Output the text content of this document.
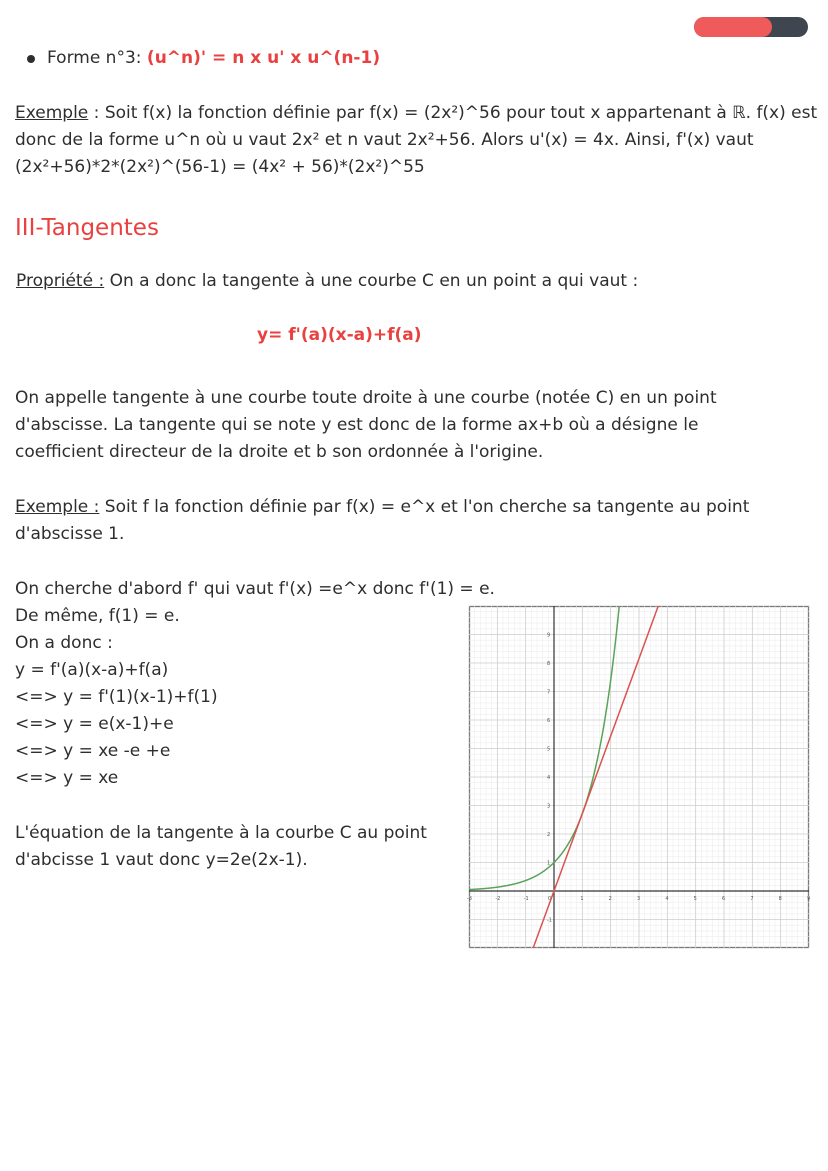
Forme n°3: (u^n)' = n x u' x u^(n-1)
Exemple : Soit f(x) la fonction définie par f(x) = (2x²)^56 pour tout x appartenant à ℝ. f(x) est
donc de la forme u^n où u vaut 2x² et n vaut 2x²+56. Alors u'(x) = 4x. Ainsi, f'(x) vaut
(2x²+56)*2*(2x²)^(56-1) = (4x² + 56)*(2x²)^55
III-Tangentes
Propriété : On a donc la tangente à une courbe C en un point a qui vaut :
y= f'(a)(x-a)+f(a)
On appelle tangente à une courbe toute droite à une courbe (notée C) en un point
d'abscisse. La tangente qui se note y est donc de la forme ax+b où a désigne le
coefficient directeur de la droite et b son ordonnée à l'origine.
Exemple : Soit f la fonction définie par f(x) = e^x et l'on cherche sa tangente au point
d'abscisse 1.
On cherche d'abord f' qui vaut f'(x) =e^x donc f'(1) = e.
De même, f(1) = e.
On a donc :
y = f'(a)(x-a)+f(a)
<=> y = f'(1)(x-1)+f(1)
<=> y = e(x-1)+e
<=> y = xe -e +e
<=> y = xe
L'équation de la tangente à la courbe C au point
d'abcisse 1 vaut donc y=2e(2x-1).
-3	-2	-1	1	2	3	4	5	6	7	8	9
-1
1
2
3
4
5
6
7
8
9
0
